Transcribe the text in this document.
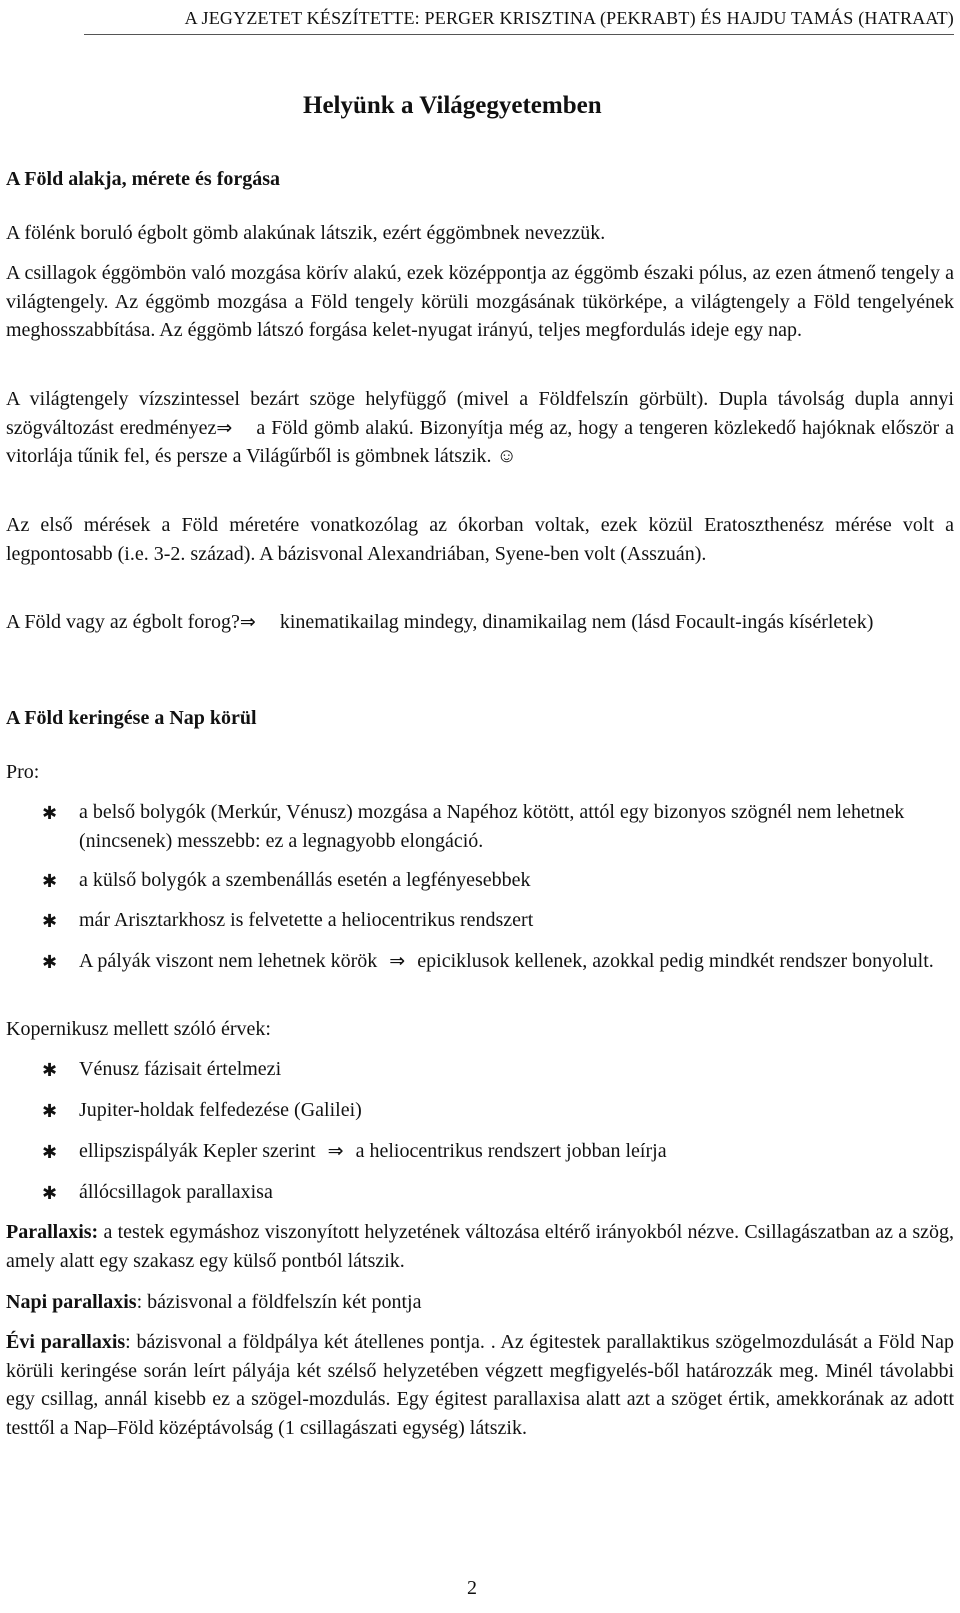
A JEGYZETET KÉSZÍTETTE: PERGER KRISZTINA (PEKRABT) ÉS HAJDU TAMÁS (HATRAAT)
Helyünk a Világegyetemben
A Föld alakja, mérete és forgása
A fölénk boruló égbolt gömb alakúnak látszik, ezért éggömbnek nevezzük.
A csillagok éggömbön való mozgása körív alakú, ezek középpontja az éggömb északi pólus, az ezen átmenő tengely a világtengely. Az éggömb mozgása a Föld tengely körüli mozgásának tükörképe, a világtengely a Föld tengelyének meghosszabbítása. Az éggömb látszó forgása kelet-nyugat irányú, teljes megfordulás ideje egy nap.
A világtengely vízszintessel bezárt szöge helyfüggő (mivel a Földfelszín görbült). Dupla távolság dupla annyi szögváltozást eredményez⇒ a Föld gömb alakú. Bizonyítja még az, hogy a tengeren közlekedő hajóknak először a vitorlája tűnik fel, és persze a Világűrből is gömbnek látszik. ☺
Az első mérések a Föld méretére vonatkozólag az ókorban voltak, ezek közül Eratoszthenész mérése volt a legpontosabb (i.e. 3-2. század). A bázisvonal Alexandriában, Syene-ben volt (Asszuán).
A Föld vagy az égbolt forog?⇒ kinematikailag mindegy, dinamikailag nem (lásd Focault-ingás kísérletek)
A Föld keringése a Nap körül
Pro:
✱ a belső bolygók (Merkúr, Vénusz) mozgása a Napéhoz kötött, attól egy bizonyos szögnél nem lehetnek (nincsenek) messzebb: ez a legnagyobb elongáció.
✱ a külső bolygók a szembenállás esetén a legfényesebbek
✱ már Arisztarkhosz is felvetette a heliocentrikus rendszert
✱ A pályák viszont nem lehetnek körök ⇒ epiciklusok kellenek, azokkal pedig mindkét rendszer bonyolult.
Kopernikusz mellett szóló érvek:
✱ Vénusz fázisait értelmezi
✱ Jupiter-holdak felfedezése (Galilei)
✱ ellipszispályák Kepler szerint ⇒ a heliocentrikus rendszert jobban leírja
✱ állócsillagok parallaxisa
Parallaxis: a testek egymáshoz viszonyított helyzetének változása eltérő irányokból nézve. Csillagászatban az a szög, amely alatt egy szakasz egy külső pontból látszik.
Napi parallaxis: bázisvonal a földfelszín két pontja
Évi parallaxis: bázisvonal a földpálya két átellenes pontja. . Az égitestek parallaktikus szögelmozdulását a Föld Nap körüli keringése során leírt pályája két szélső helyzetében végzett megfigyelés-ből határozzák meg. Minél távolabbi egy csillag, annál kisebb ez a szögel-mozdulás. Egy égitest parallaxisa alatt azt a szöget értik, amekkorának az adott testtől a Nap–Föld középtávolság (1 csillagászati egység) látszik.
2
